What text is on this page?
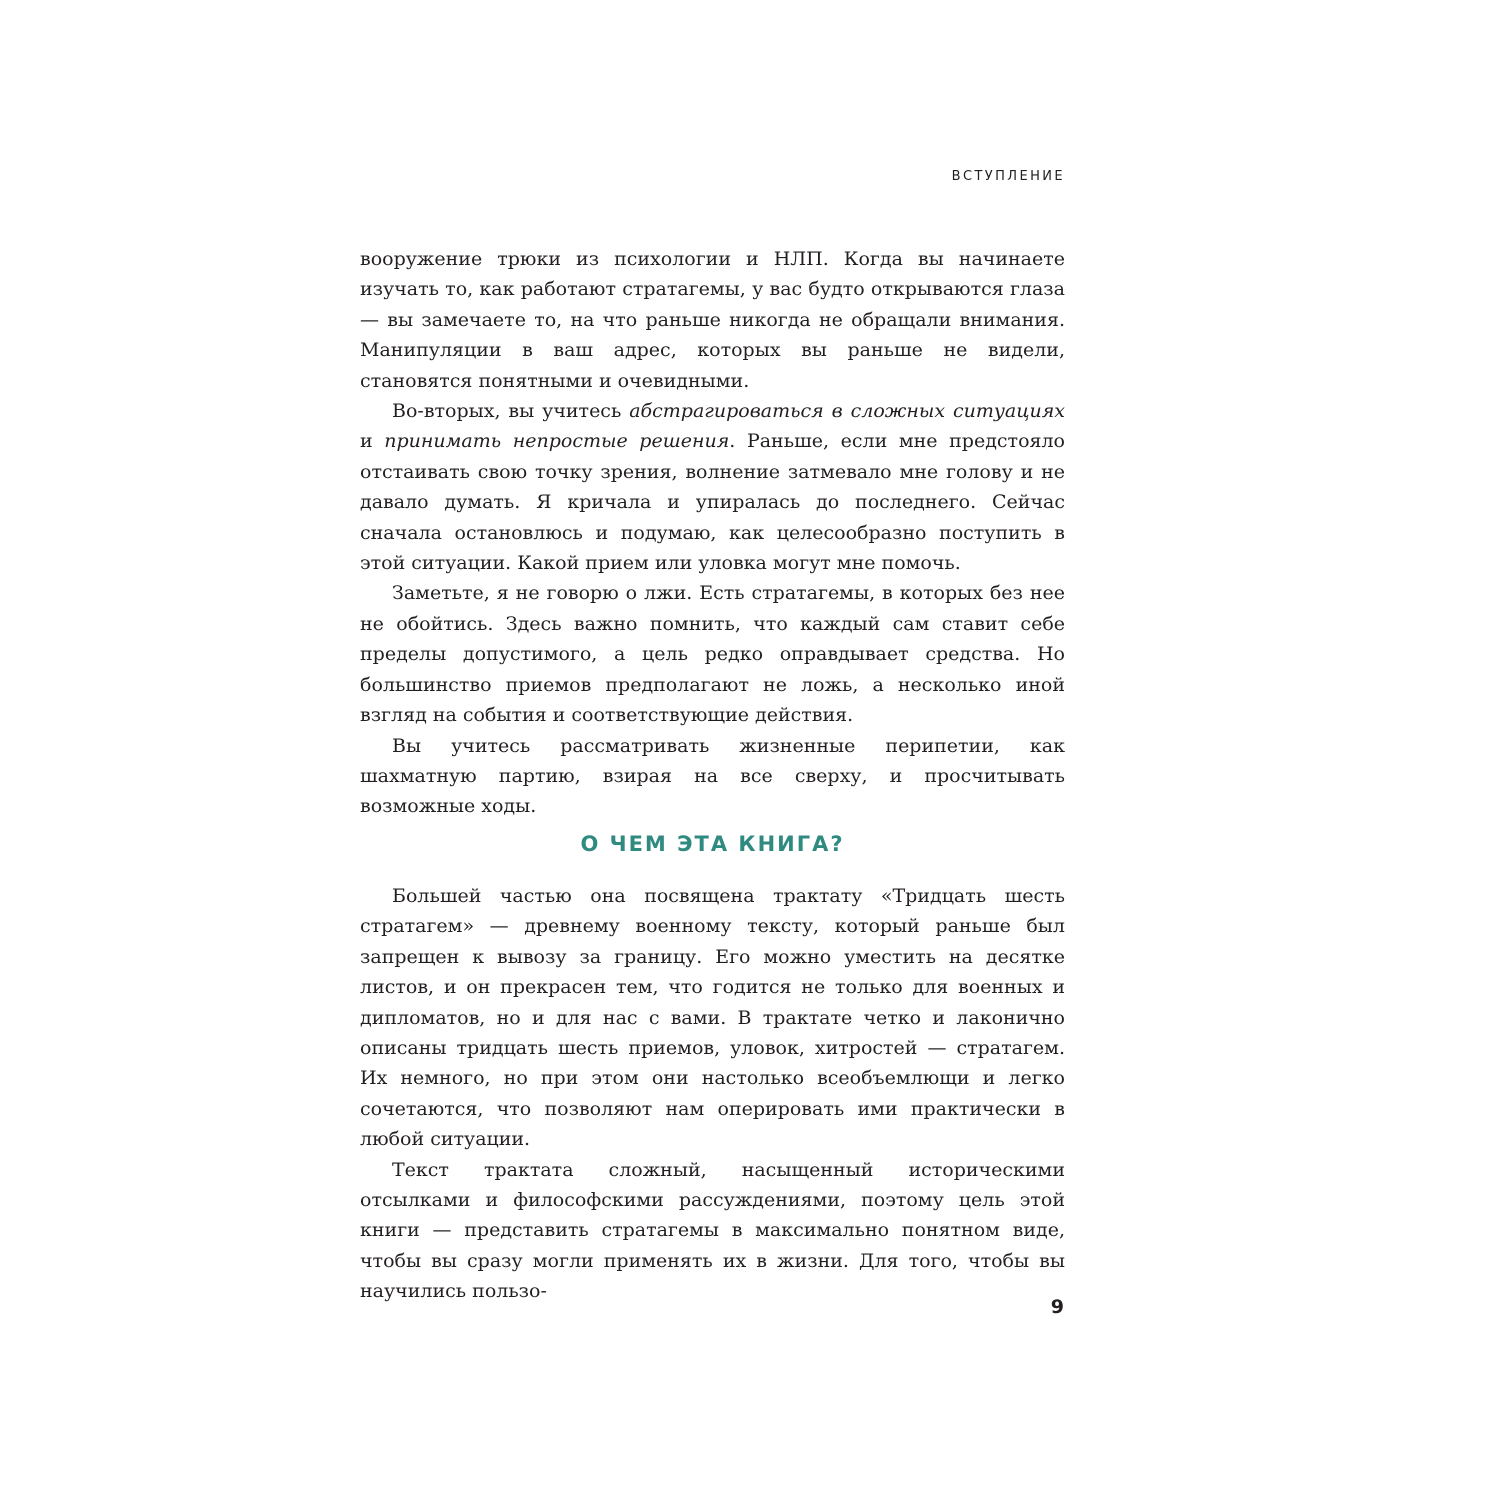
ВСТУПЛЕНИЕ

вооружение трюки из психологии и НЛП. Когда вы начинаете изучать то, как работают стратагемы, у вас будто открываются глаза — вы замечаете то, на что раньше никогда не обращали внимания. Манипуляции в ваш адрес, которых вы раньше не видели, становятся понятными и очевидными.

Во-вторых, вы учитесь абстрагироваться в сложных ситуациях и принимать непростые решения. Раньше, если мне предстояло отстаивать свою точку зрения, волнение затмевало мне голову и не давало думать. Я кричала и упиралась до последнего. Сейчас сначала остановлюсь и подумаю, как целесообразно поступить в этой ситуации. Какой прием или уловка могут мне помочь.

Заметьте, я не говорю о лжи. Есть стратагемы, в которых без нее не обойтись. Здесь важно помнить, что каждый сам ставит себе пределы допустимого, а цель редко оправдывает средства. Но большинство приемов предполагают не ложь, а несколько иной взгляд на события и соответствующие действия.

Вы учитесь рассматривать жизненные перипетии, как шахматную партию, взирая на все сверху, и просчитывать возможные ходы.

О ЧЕМ ЭТА КНИГА?

Большей частью она посвящена трактату «Тридцать шесть стратагем» — древнему военному тексту, который раньше был запрещен к вывозу за границу. Его можно уместить на десятке листов, и он прекрасен тем, что годится не только для военных и дипломатов, но и для нас с вами. В трактате четко и лаконично описаны тридцать шесть приемов, уловок, хитростей — стратагем. Их немного, но при этом они настолько всеобъемлющи и легко сочетаются, что позволяют нам оперировать ими практически в любой ситуации.

Текст трактата сложный, насыщенный историческими отсылками и философскими рассуждениями, поэтому цель этой книги — представить стратагемы в максимально понятном виде, чтобы вы сразу могли применять их в жизни. Для того, чтобы вы научились пользо-

9
